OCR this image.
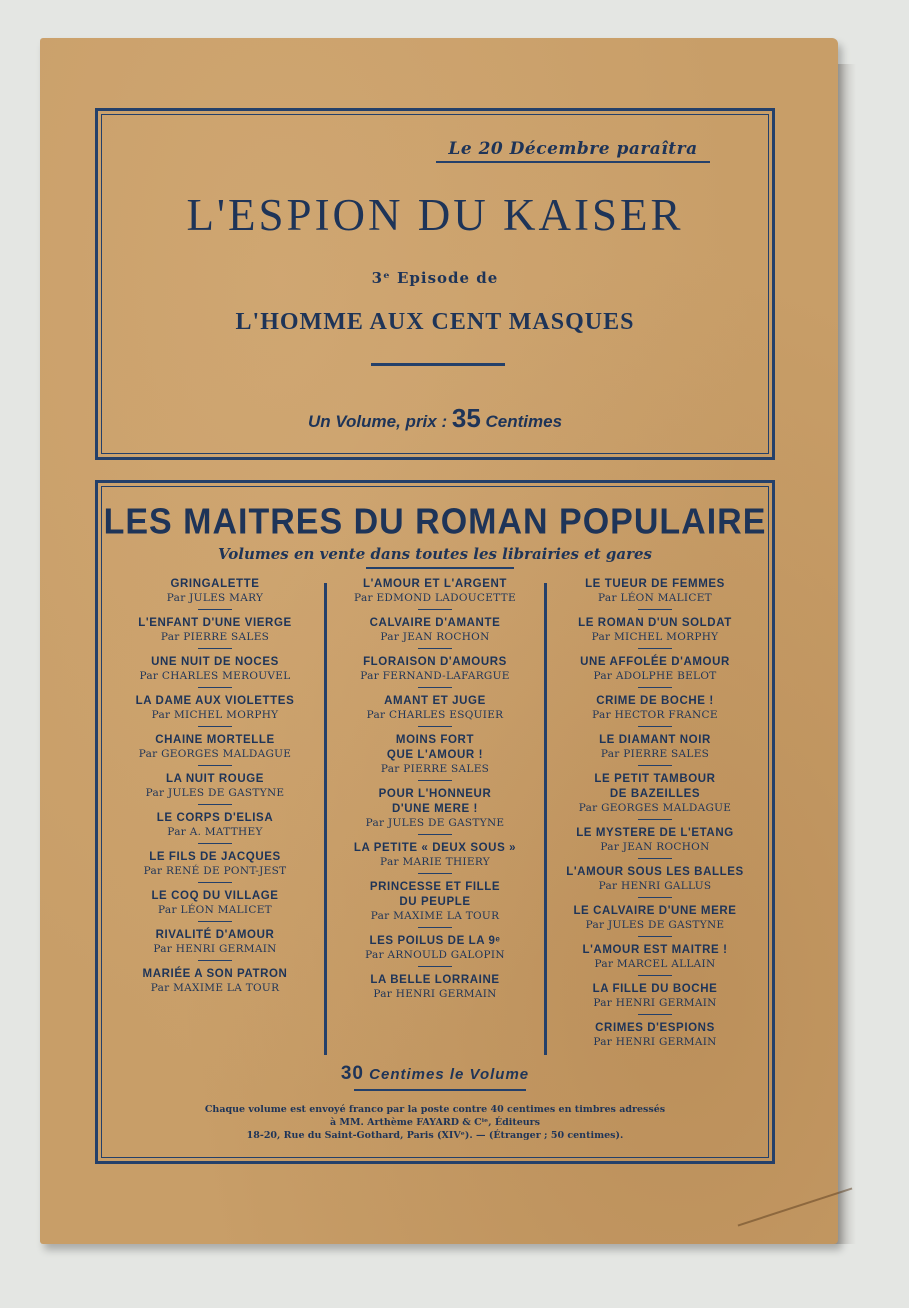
Le 20 Décembre paraîtra
L'ESPION DU KAISER
3ᵉ Episode de
L'HOMME AUX CENT MASQUES
Un Volume, prix : 35 Centimes
LES MAITRES DU ROMAN POPULAIRE
Volumes en vente dans toutes les librairies et gares
GRINGALETTE
Par JULES MARY
L'ENFANT D'UNE VIERGE
Par PIERRE SALES
UNE NUIT DE NOCES
Par CHARLES MEROUVEL
LA DAME AUX VIOLETTES
Par MICHEL MORPHY
CHAINE MORTELLE
Par GEORGES MALDAGUE
LA NUIT ROUGE
Par JULES DE GASTYNE
LE CORPS D'ELISA
Par A. MATTHEY
LE FILS DE JACQUES
Par RENÉ DE PONT-JEST
LE COQ DU VILLAGE
Par LÉON MALICET
RIVALITÉ D'AMOUR
Par HENRI GERMAIN
MARIÉE A SON PATRON
Par MAXIME LA TOUR
L'AMOUR ET L'ARGENT
Par EDMOND LADOUCETTE
CALVAIRE D'AMANTE
Par JEAN ROCHON
FLORAISON D'AMOURS
Par FERNAND-LAFARGUE
AMANT ET JUGE
Par CHARLES ESQUIER
MOINS FORT
QUE L'AMOUR !
Par PIERRE SALES
POUR L'HONNEUR
D'UNE MERE !
Par JULES DE GASTYNE
LA PETITE « DEUX SOUS »
Par MARIE THIERY
PRINCESSE ET FILLE
DU PEUPLE
Par MAXIME LA TOUR
LES POILUS DE LA 9ᵉ
Par ARNOULD GALOPIN
LA BELLE LORRAINE
Par HENRI GERMAIN
LE TUEUR DE FEMMES
Par LÉON MALICET
LE ROMAN D'UN SOLDAT
Par MICHEL MORPHY
UNE AFFOLÉE D'AMOUR
Par ADOLPHE BELOT
CRIME DE BOCHE !
Par HECTOR FRANCE
LE DIAMANT NOIR
Par PIERRE SALES
LE PETIT TAMBOUR
DE BAZEILLES
Par GEORGES MALDAGUE
LE MYSTERE DE L'ETANG
Par JEAN ROCHON
L'AMOUR SOUS LES BALLES
Par HENRI GALLUS
LE CALVAIRE D'UNE MERE
Par JULES DE GASTYNE
L'AMOUR EST MAITRE !
Par MARCEL ALLAIN
LA FILLE DU BOCHE
Par HENRI GERMAIN
CRIMES D'ESPIONS
Par HENRI GERMAIN
30 Centimes le Volume
Chaque volume est envoyé franco par la poste contre 40 centimes en timbres adressés
à MM. Arthème FAYARD & Cⁱᵉ, Éditeurs
18-20, Rue du Saint-Gothard, Paris (XIVᵉ). — (Étranger ; 50 centimes).
